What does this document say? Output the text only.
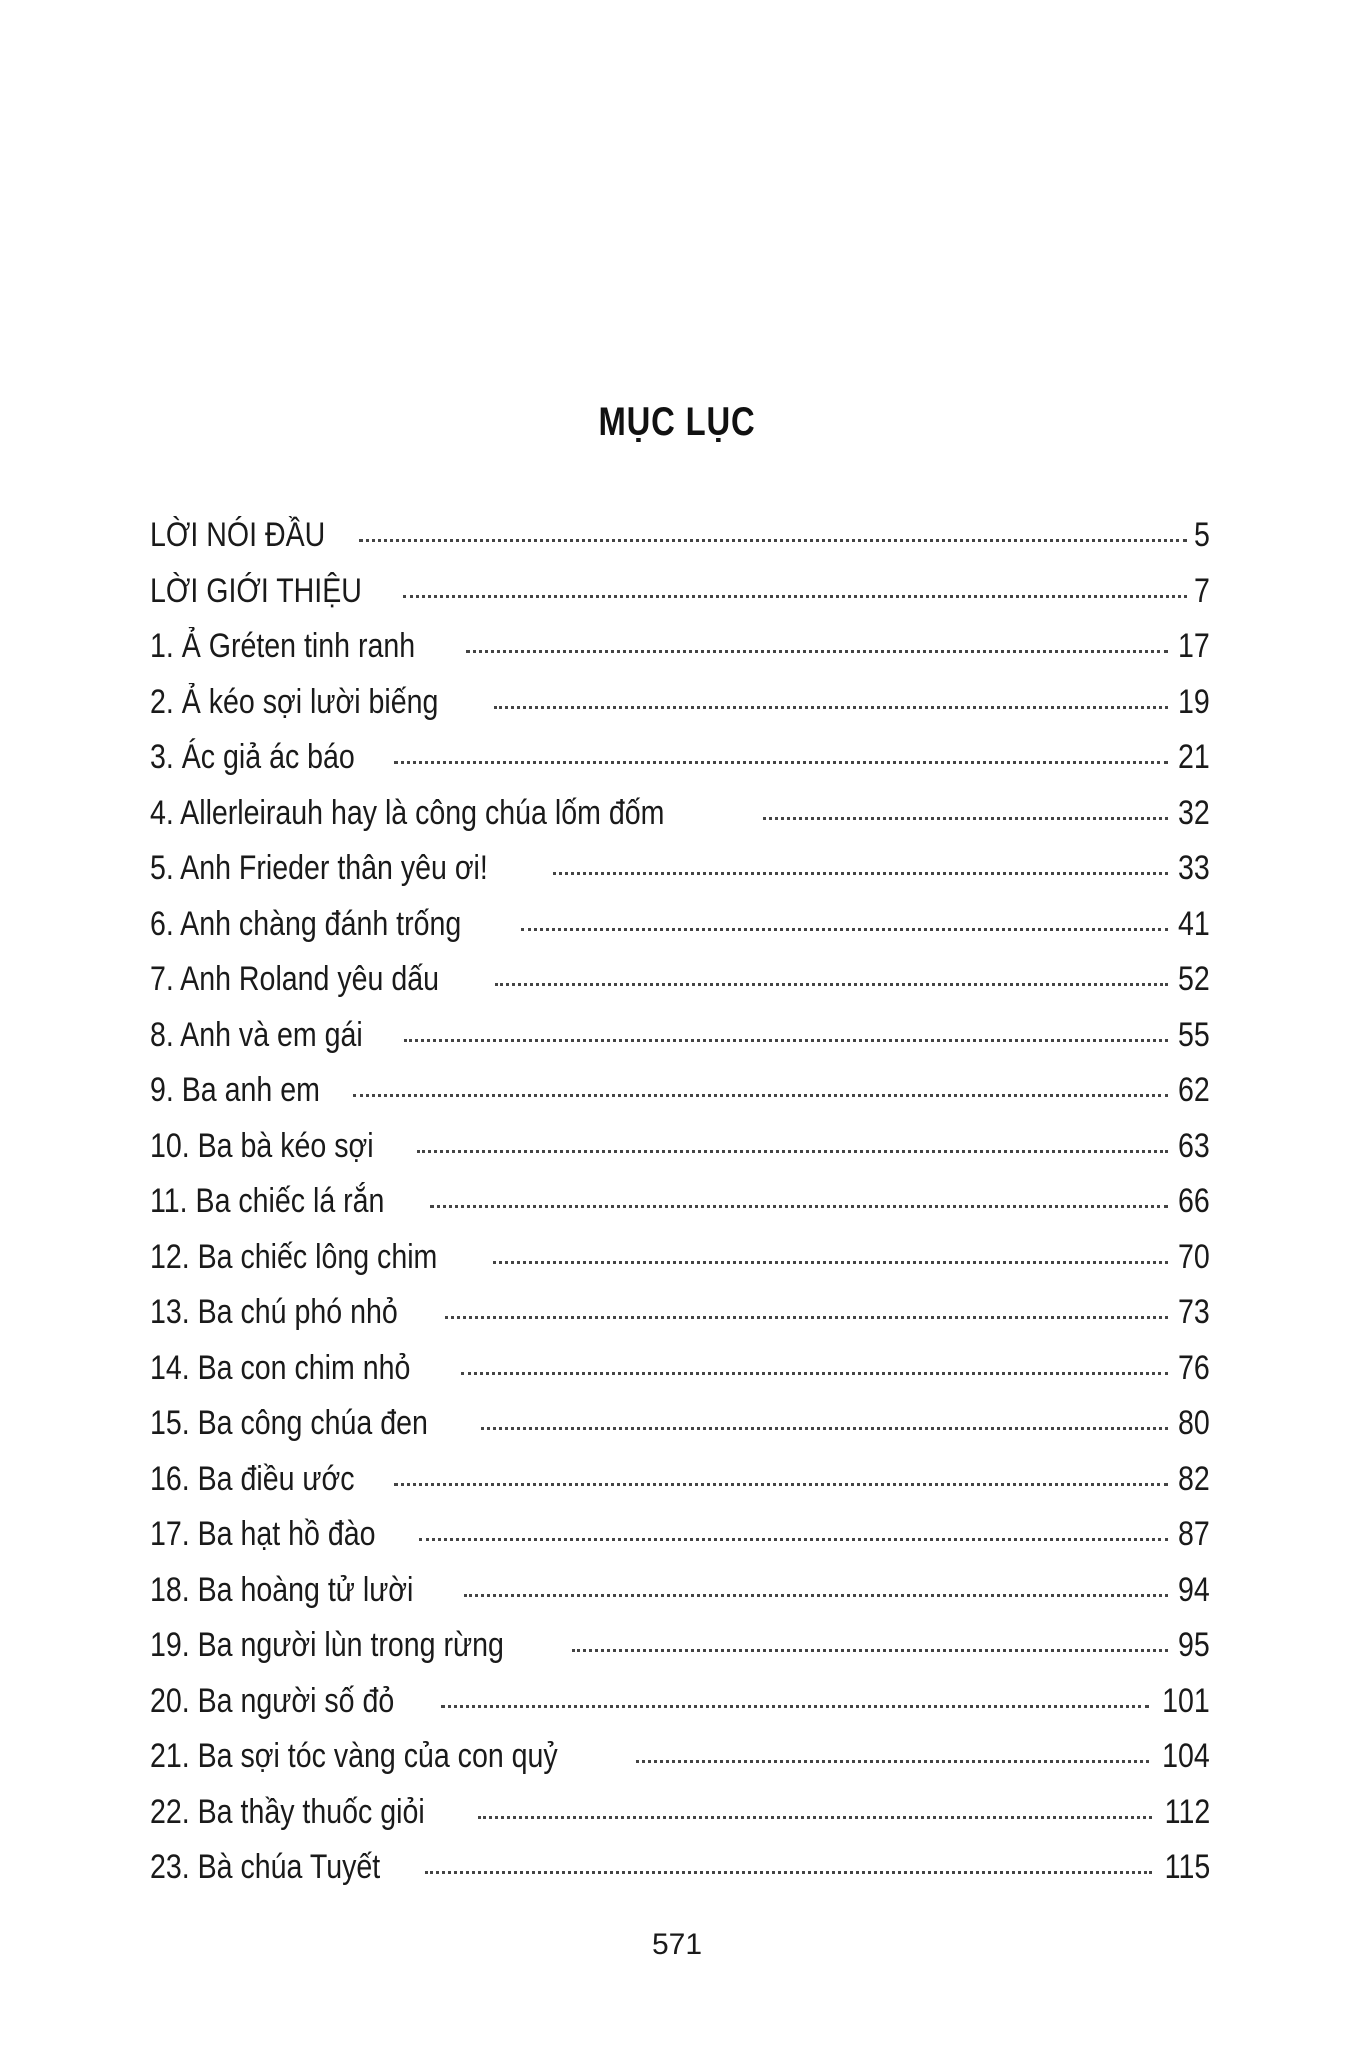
MỤC LỤC
LỜI NÓI ĐẦU	5
LỜI GIỚI THIỆU	7
1. Ả Gréten tinh ranh	17
2. Ả kéo sợi lười biếng	19
3. Ác giả ác báo	21
4. Allerleirauh hay là công chúa lốm đốm	32
5. Anh Frieder thân yêu ơi!	33
6. Anh chàng đánh trống	41
7. Anh Roland yêu dấu	52
8. Anh và em gái	55
9. Ba anh em	62
10. Ba bà kéo sợi	63
11. Ba chiếc lá rắn	66
12. Ba chiếc lông chim	70
13. Ba chú phó nhỏ	73
14. Ba con chim nhỏ	76
15. Ba công chúa đen	80
16. Ba điều ước	82
17. Ba hạt hồ đào	87
18. Ba hoàng tử lười	94
19. Ba người lùn trong rừng	95
20. Ba người số đỏ	101
21. Ba sợi tóc vàng của con quỷ	104
22. Ba thầy thuốc giỏi	112
23. Bà chúa Tuyết	115
571
